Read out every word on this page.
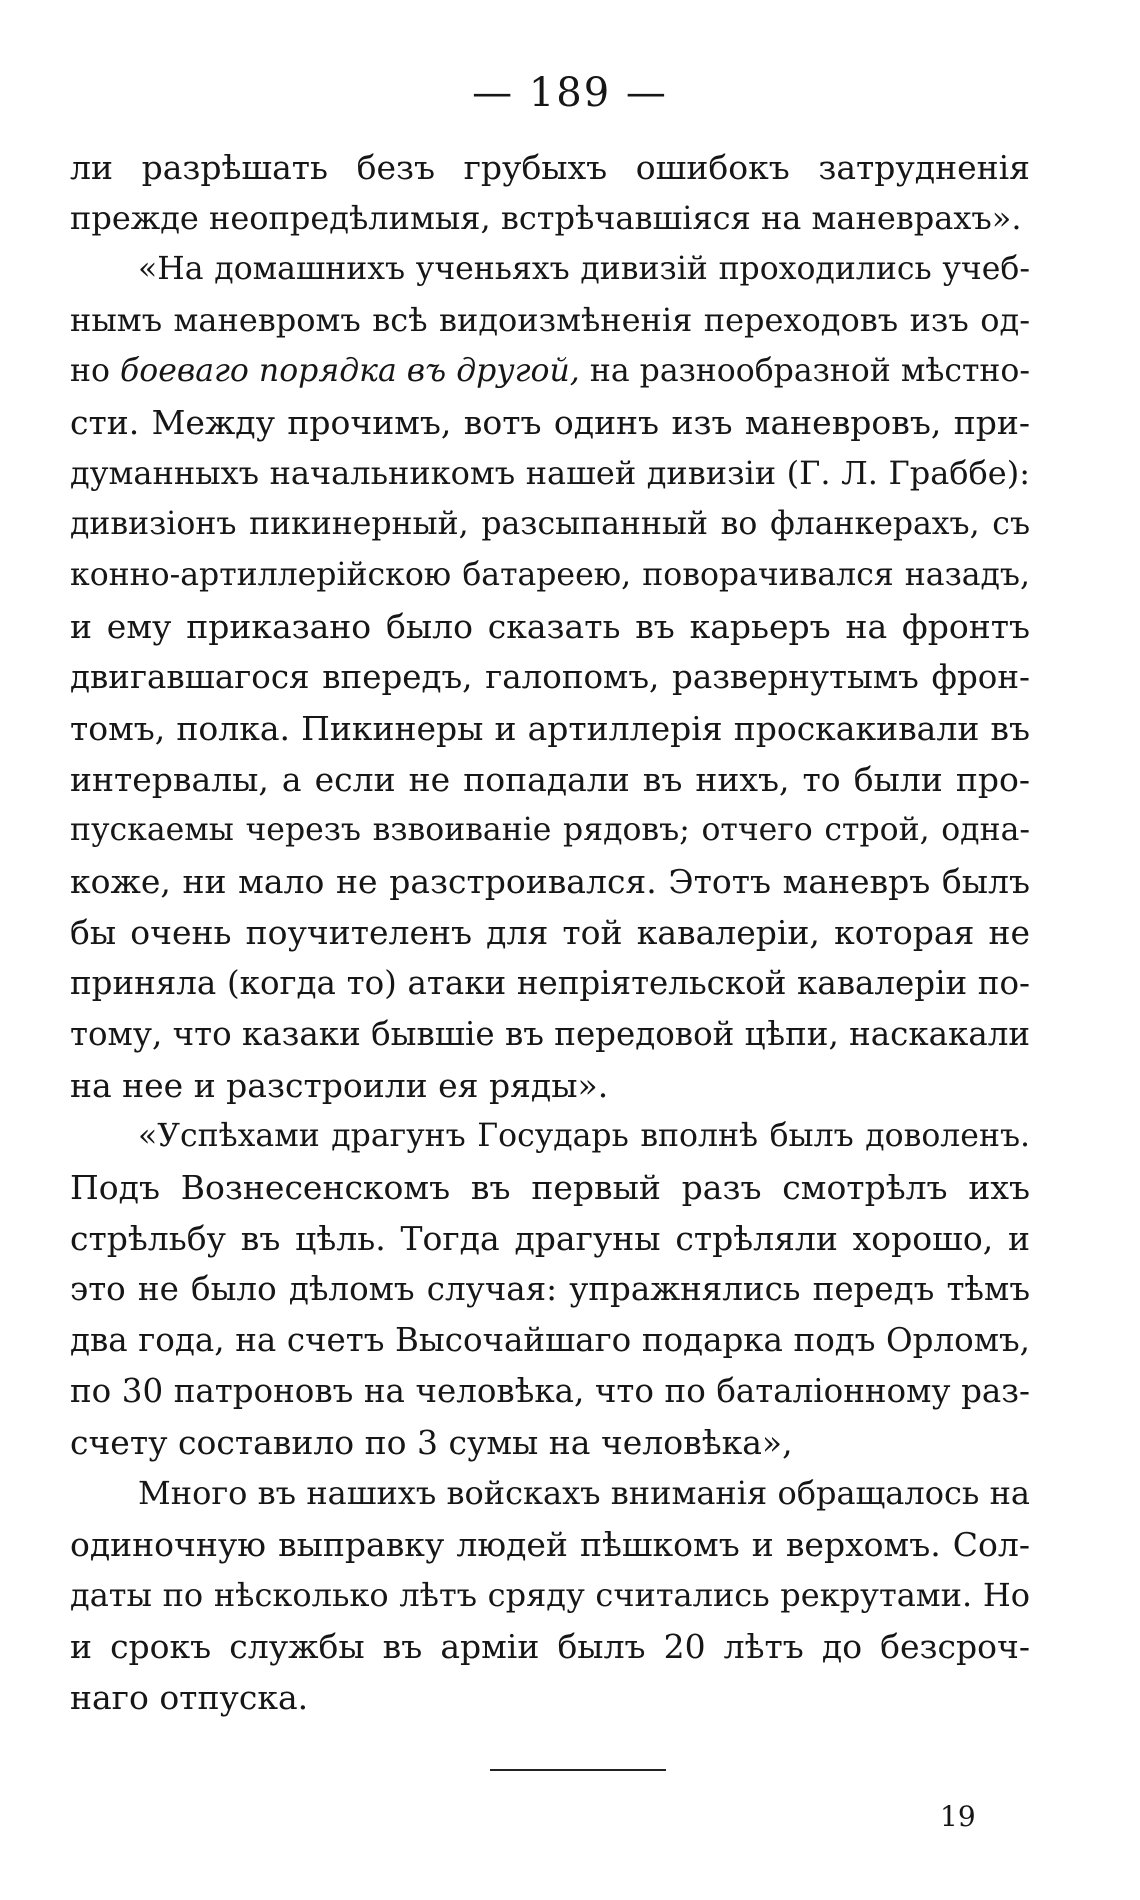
— 189 —
ли разрѣшать безъ грубыхъ ошибокъ затрудненія
прежде неопредѣлимыя, встрѣчавшіяся на маневрахъ».
«На домашнихъ ученьяхъ дивизій проходились учеб-
нымъ маневромъ всѣ видоизмѣненія переходовъ изъ од-
но боеваго порядка въ другой, на разнообразной мѣстно-
сти. Между прочимъ, вотъ одинъ изъ маневровъ, при-
думанныхъ начальникомъ нашей дивизіи (Г. Л. Граббе):
дивизіонъ пикинерный, разсыпанный во фланкерахъ, съ
конно-артиллерійскою батареею, поворачивался назадъ,
и ему приказано было сказать въ карьеръ на фронтъ
двигавшагося впередъ, галопомъ, развернутымъ фрон-
томъ, полка. Пикинеры и артиллерія проскакивали въ
интервалы, а если не попадали въ нихъ, то были про-
пускаемы черезъ взвоиваніе рядовъ; отчего строй, одна-
коже, ни мало не разстроивался. Этотъ маневръ былъ
бы очень поучителенъ для той кавалеріи, которая не
приняла (когда то) атаки непріятельской кавалеріи по-
тому, что казаки бывшіе въ передовой цѣпи, наскакали
на нее и разстроили ея ряды».
«Успѣхами драгунъ Государь вполнѣ былъ доволенъ.
Подъ Вознесенскомъ въ первый разъ смотрѣлъ ихъ
стрѣльбу въ цѣль. Тогда драгуны стрѣляли хорошо, и
это не было дѣломъ случая: упражнялись передъ тѣмъ
два года, на счетъ Высочайшаго подарка подъ Орломъ,
по 30 патроновъ на человѣка, что по баталіонному раз-
счету составило по 3 сумы на человѣка»,
Много въ нашихъ войскахъ вниманія обращалось на
одиночную выправку людей пѣшкомъ и верхомъ. Сол-
даты по нѣсколько лѣтъ сряду считались рекрутами. Но
и срокъ службы въ арміи былъ 20 лѣтъ до безсроч-
наго отпуска.
19
